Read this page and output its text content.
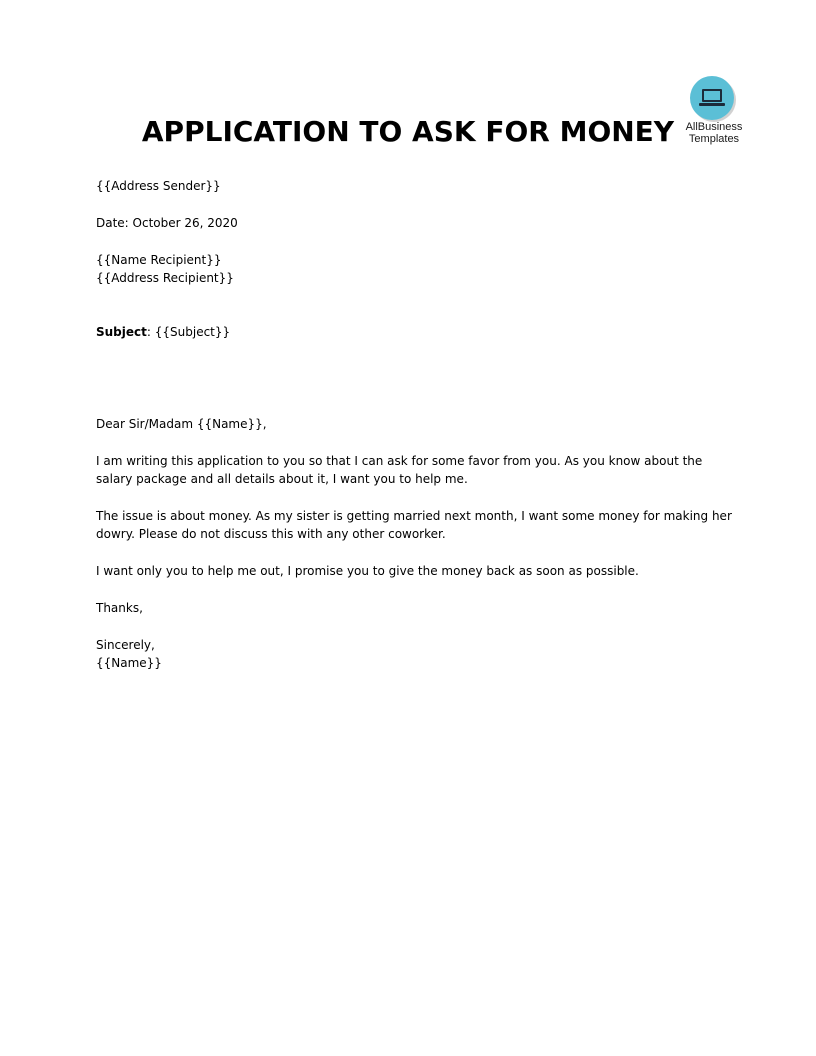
APPLICATION TO ASK FOR MONEY	AllBusiness
Templates

{{Address Sender}}

Date: October 26, 2020

{{Name Recipient}}

{{Address Recipient}}

Subject: {{Subject}}

Dear Sir/Madam {{Name}},

I am writing this application to you so that I can ask for some favor from you. As you know about the

salary package and all details about it, I want you to help me.

The issue is about money. As my sister is getting married next month, I want some money for making her

dowry. Please do not discuss this with any other coworker.

I want only you to help me out, I promise you to give the money back as soon as possible.

Thanks,

Sincerely,

{{Name}}
